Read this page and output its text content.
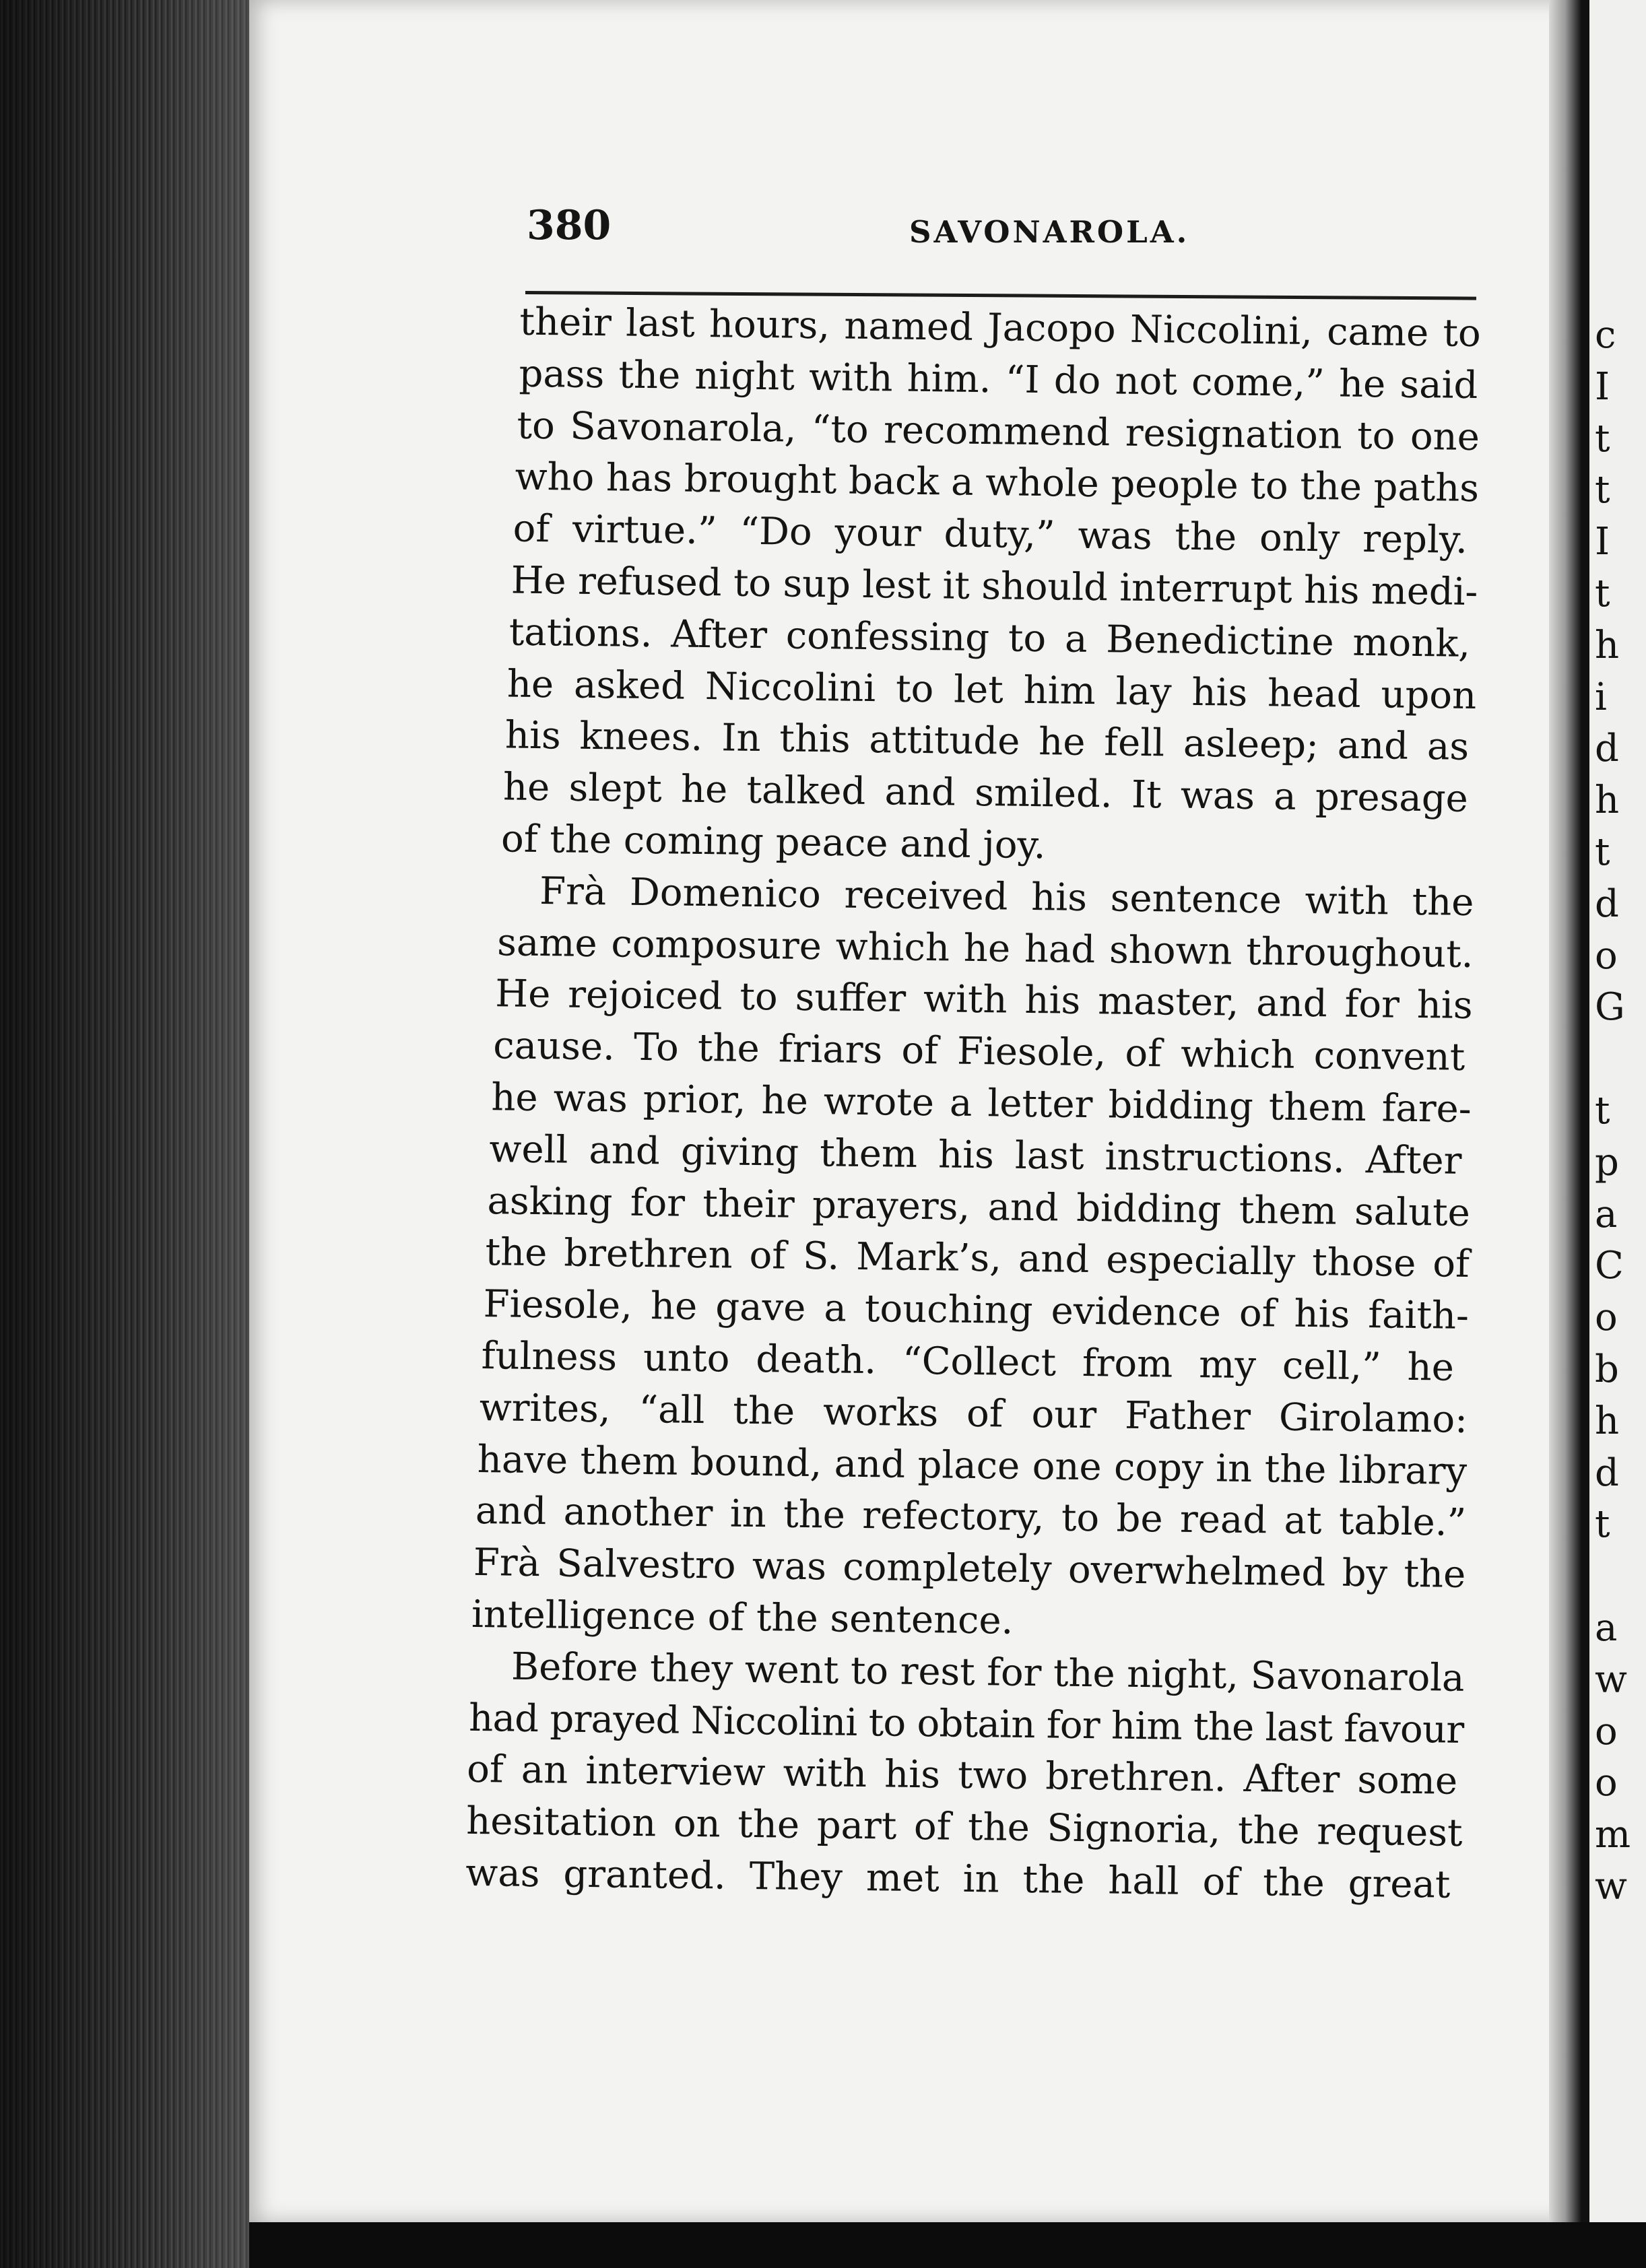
380	SAVONAROLA.
their last hours, named Jacopo Niccolini, came to
pass the night with him. “I do not come,” he said
to Savonarola, “to recommend resignation to one
who has brought back a whole people to the paths
of virtue.” “Do your duty,” was the only reply.
He refused to sup lest it should interrupt his medi-
tations. After confessing to a Benedictine monk,
he asked Niccolini to let him lay his head upon
his knees. In this attitude he fell asleep; and as
he slept he talked and smiled. It was a presage
of the coming peace and joy.
Frà Domenico received his sentence with the
same composure which he had shown throughout.
He rejoiced to suffer with his master, and for his
cause. To the friars of Fiesole, of which convent
he was prior, he wrote a letter bidding them fare-
well and giving them his last instructions. After
asking for their prayers, and bidding them salute
the brethren of S. Mark’s, and especially those of
Fiesole, he gave a touching evidence of his faith-
fulness unto death. “Collect from my cell,” he
writes, “all the works of our Father Girolamo:
have them bound, and place one copy in the library
and another in the refectory, to be read at table.”
Frà Salvestro was completely overwhelmed by the
intelligence of the sentence.
Before they went to rest for the night, Savonarola
had prayed Niccolini to obtain for him the last favour
of an interview with his two brethren. After some
hesitation on the part of the Signoria, the request
was granted. They met in the hall of the great
c
I
t
t
I
t
h
i
d
h
t
d
o
G
t
p
a
C
o
b
h
d
t
a
w
o
o
m
w
